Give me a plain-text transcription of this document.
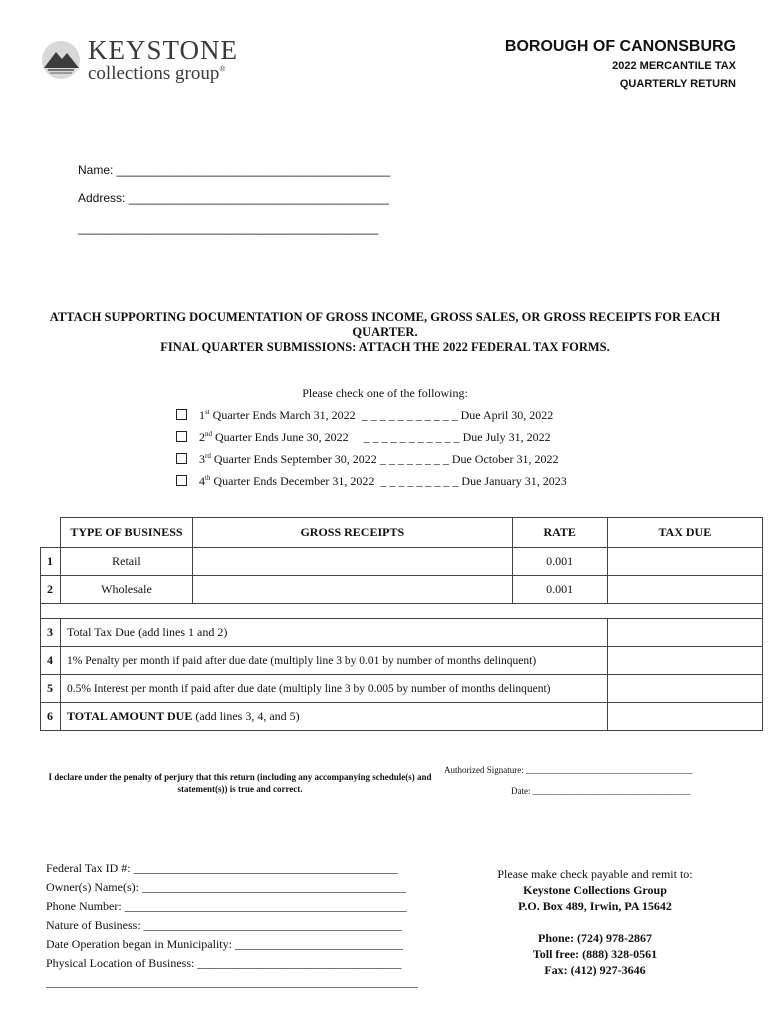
KEYSTONE
collections group®
BOROUGH OF CANONSBURG
2022 MERCANTILE TAX
QUARTERLY RETURN
Name: _________________________________________
Address: _______________________________________
_____________________________________________
ATTACH SUPPORTING DOCUMENTATION OF GROSS INCOME, GROSS SALES, OR GROSS RECEIPTS FOR EACH QUARTER.
FINAL QUARTER SUBMISSIONS: ATTACH THE 2022 FEDERAL TAX FORMS.
Please check one of the following:
1st Quarter Ends March 31, 2022  _ _ _ _ _ _ _ _ _ _ _ Due April 30, 2022
2nd Quarter Ends June 30, 2022     _ _ _ _ _ _ _ _ _ _ _ Due July 31, 2022
3rd Quarter Ends September 30, 2022 _ _ _ _ _ _ _ _ Due October 31, 2022
4th Quarter Ends December 31, 2022  _ _ _ _ _ _ _ _ _ Due January 31, 2023
	TYPE OF BUSINESS	GROSS RECEIPTS	RATE	TAX DUE
1	Retail		0.001	
2	Wholesale		0.001	

3	Total Tax Due (add lines 1 and 2)			
4	1% Penalty per month if paid after due date (multiply line 3 by 0.01 by number of months delinquent)			
5	0.5% Interest per month if paid after due date (multiply line 3 by 0.005 by number of months delinquent)			
6	TOTAL AMOUNT DUE (add lines 3, 4, and 5)			
I declare under the penalty of perjury that this return (including any accompanying schedule(s) and statement(s)) is true and correct.
Authorized Signature: _____________________________________
Date: ___________________________________
Federal Tax ID #: ____________________________________________
Owner(s) Name(s): ____________________________________________
Phone Number: _______________________________________________
Nature of Business: ___________________________________________
Date Operation began in Municipality: ____________________________
Physical Location of Business: __________________________________
______________________________________________________________
Please make check payable and remit to:
Keystone Collections Group
P.O. Box 489, Irwin, PA 15642
Phone: (724) 978-2867
Toll free: (888) 328-0561
Fax: (412) 927-3646
